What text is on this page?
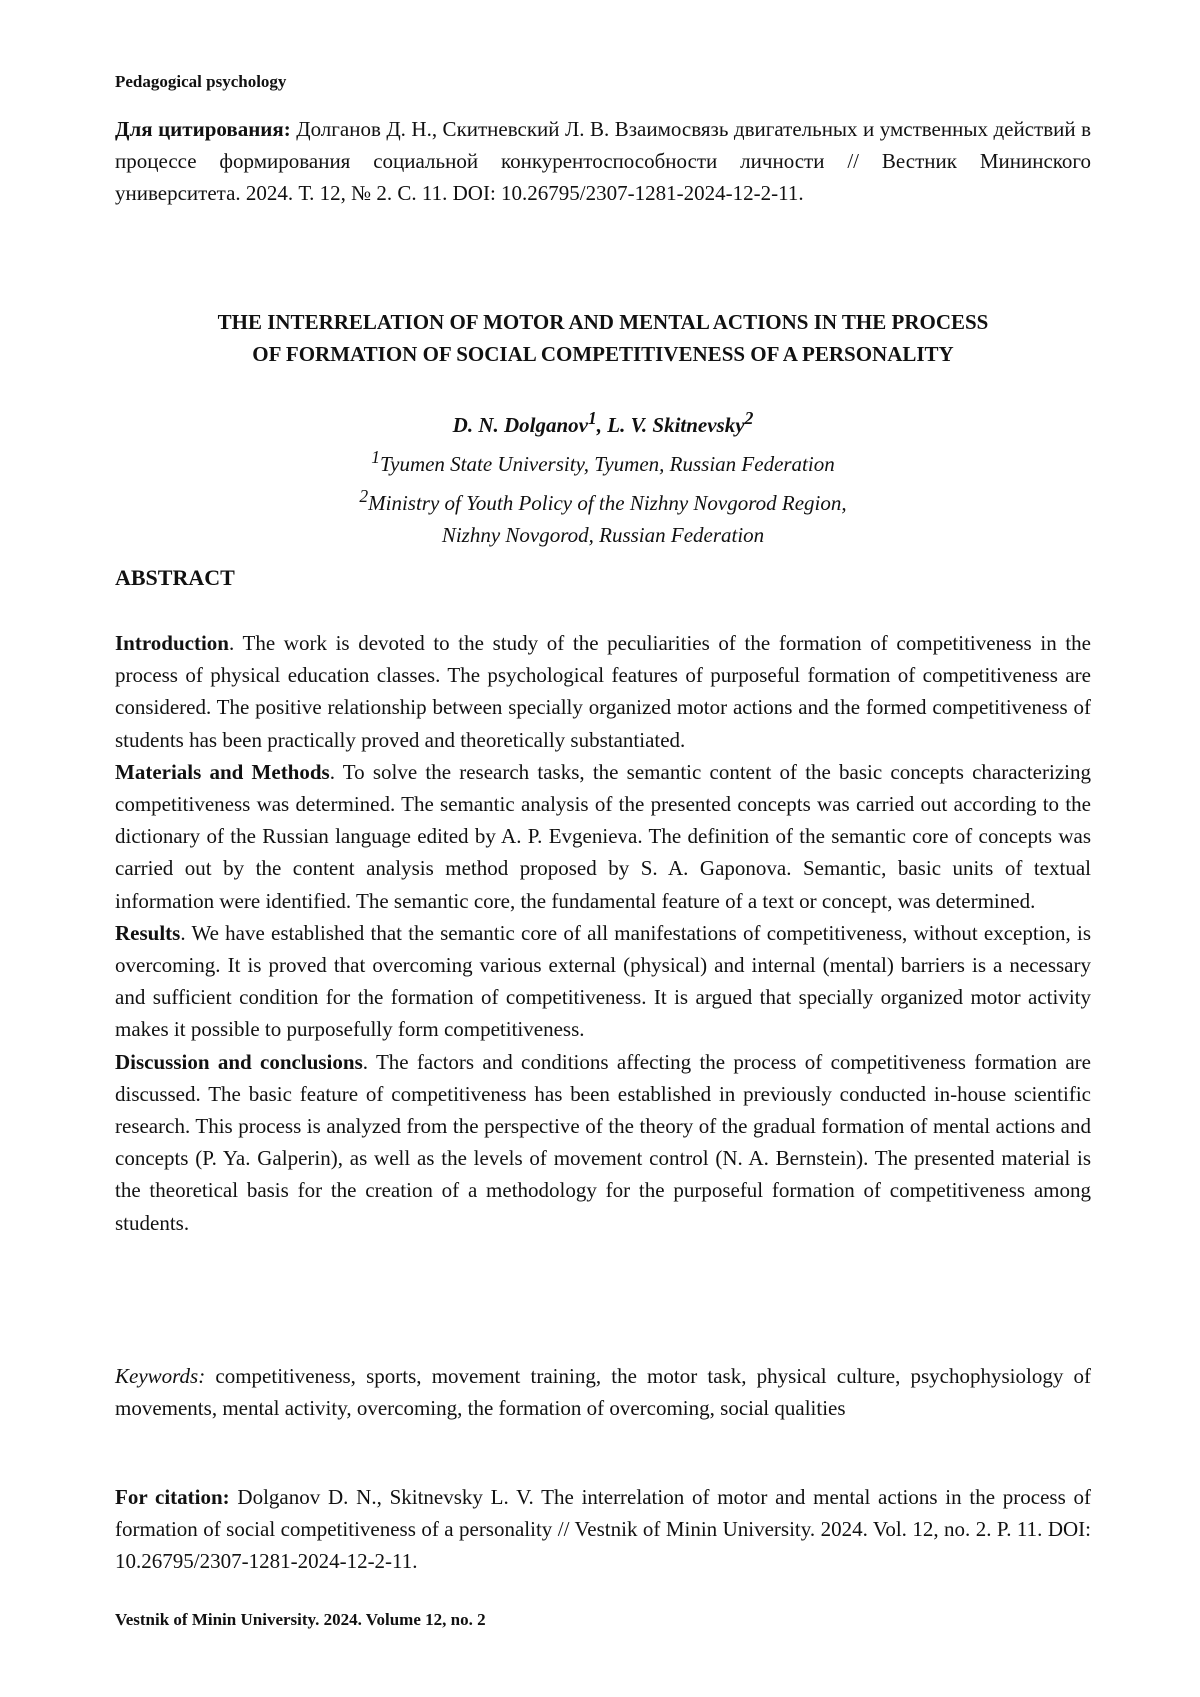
Pedagogical psychology

Для цитирования: Долганов Д. Н., Скитневский Л. В. Взаимосвязь двигательных и умственных действий в процессе формирования социальной конкурентоспособности личности // Вестник Мининского университета. 2024. Т. 12, № 2. С. 11. DOI: 10.26795/2307-1281-2024-12-2-11.

THE INTERRELATION OF MOTOR AND MENTAL ACTIONS IN THE PROCESS
OF FORMATION OF SOCIAL COMPETITIVENESS OF A PERSONALITY
D. N. Dolganov1, L. V. Skitnevsky2
1Tyumen State University, Tyumen, Russian Federation
2Ministry of Youth Policy of the Nizhny Novgorod Region,
Nizhny Novgorod, Russian Federation
ABSTRACT

Introduction. The work is devoted to the study of the peculiarities of the formation of competitiveness in the process of physical education classes. The psychological features of purposeful formation of competitiveness are considered. The positive relationship between specially organized motor actions and the formed competitiveness of students has been practically proved and theoretically substantiated.

Materials and Methods. To solve the research tasks, the semantic content of the basic concepts characterizing competitiveness was determined. The semantic analysis of the presented concepts was carried out according to the dictionary of the Russian language edited by A. P. Evgenieva. The definition of the semantic core of concepts was carried out by the content analysis method proposed by S. A. Gaponova. Semantic, basic units of textual information were identified. The semantic core, the fundamental feature of a text or concept, was determined.

Results. We have established that the semantic core of all manifestations of competitiveness, without exception, is overcoming. It is proved that overcoming various external (physical) and internal (mental) barriers is a necessary and sufficient condition for the formation of competitiveness. It is argued that specially organized motor activity makes it possible to purposefully form competitiveness.

Discussion and conclusions. The factors and conditions affecting the process of competitiveness formation are discussed. The basic feature of competitiveness has been established in previously conducted in-house scientific research. This process is analyzed from the perspective of the theory of the gradual formation of mental actions and concepts (P. Ya. Galperin), as well as the levels of movement control (N. A. Bernstein). The presented material is the theoretical basis for the creation of a methodology for the purposeful formation of competitiveness among students.

Keywords: competitiveness, sports, movement training, the motor task, physical culture, psychophysiology of movements, mental activity, overcoming, the formation of overcoming, social qualities

For citation: Dolganov D. N., Skitnevsky L. V. The interrelation of motor and mental actions in the process of formation of social competitiveness of a personality // Vestnik of Minin University. 2024. Vol. 12, no. 2. P. 11. DOI: 10.26795/2307-1281-2024-12-2-11.

Vestnik of Minin University. 2024. Volume 12, no. 2
